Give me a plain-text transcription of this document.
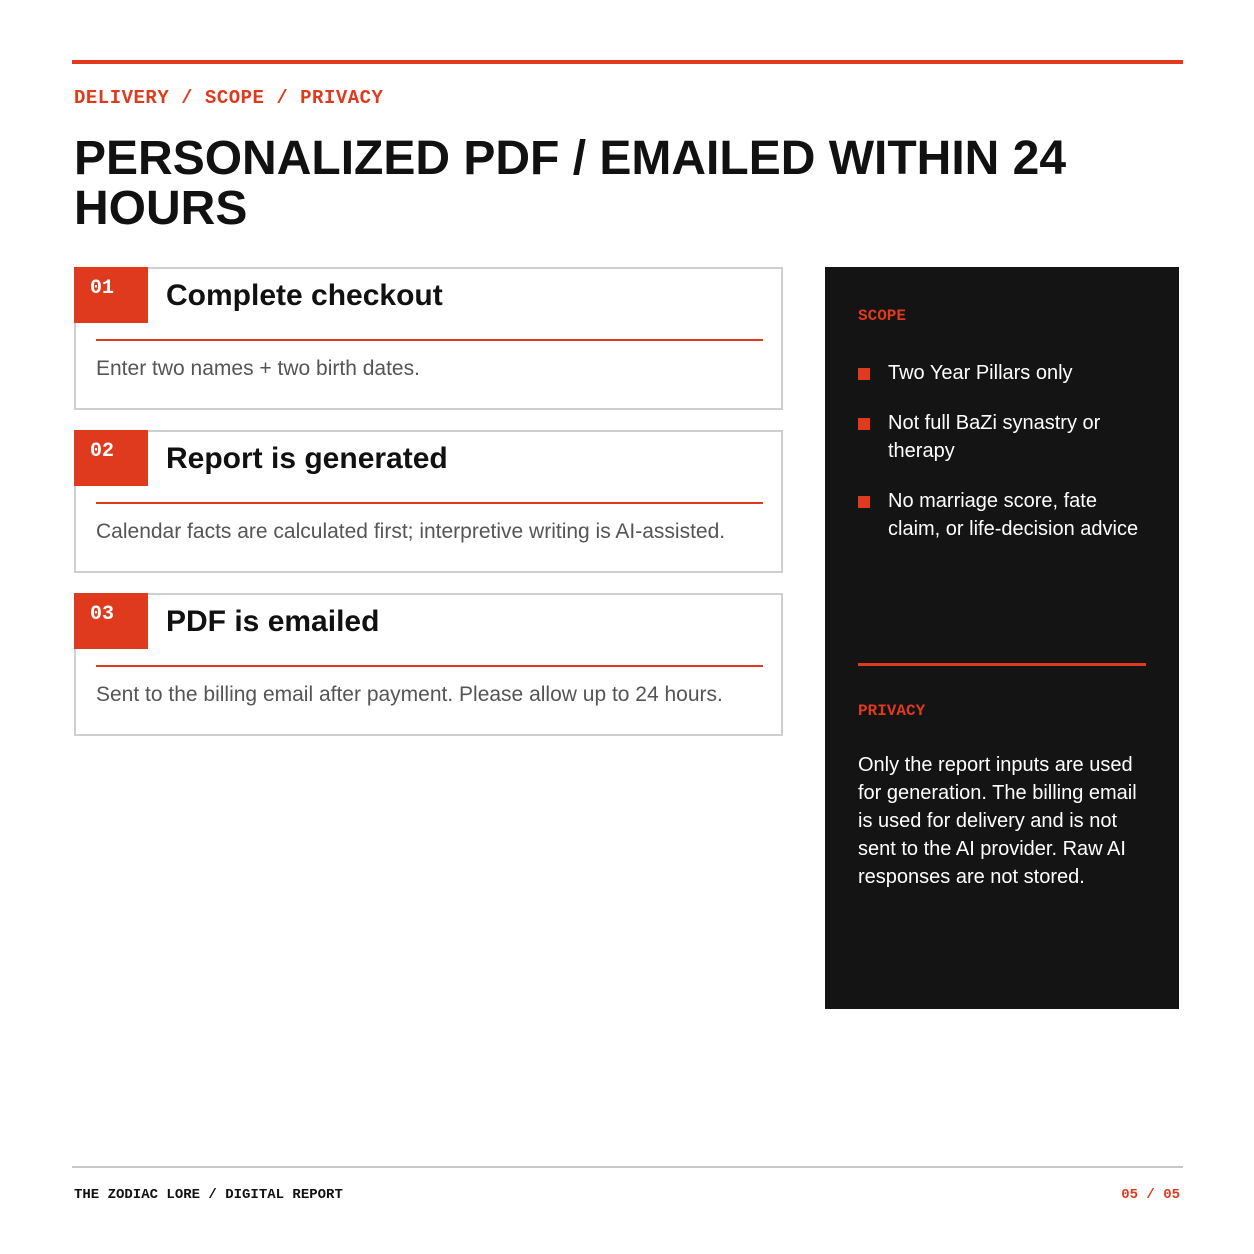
DELIVERY / SCOPE / PRIVACY
PERSONALIZED PDF / EMAILED WITHIN 24 HOURS
01	Complete checkout
Enter two names + two birth dates.
02	Report is generated
Calendar facts are calculated first; interpretive writing is AI-assisted.
03	PDF is emailed
Sent to the billing email after payment. Please allow up to 24 hours.
SCOPE
Two Year Pillars only
Not full BaZi synastry or therapy
No marriage score, fate claim, or life-decision advice
PRIVACY
Only the report inputs are used for generation. The billing email is used for delivery and is not sent to the AI provider. Raw AI responses are not stored.
THE ZODIAC LORE / DIGITAL REPORT	05 / 05
